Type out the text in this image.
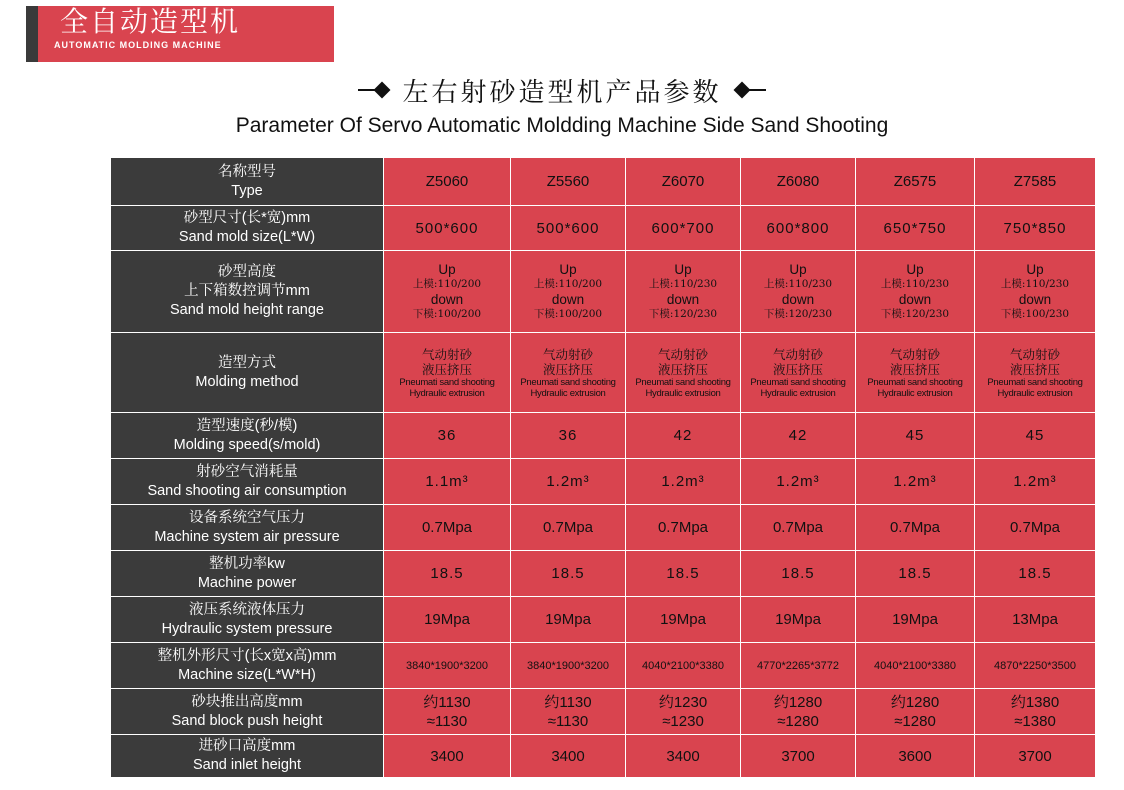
全自动造型机
AUTOMATIC MOLDING MACHINE
左右射砂造型机产品参数
Parameter Of Servo Automatic Moldding Machine Side Sand Shooting
名称型号
Type	Z5060	Z5560	Z6070	Z6080	Z6575	Z7585

砂型尺寸(长*宽)mm
Sand mold size(L*W)	500*600	500*600	600*700	600*800	650*750	750*850

砂型高度
上下箱数控调节mm
Sand mold height range	Up
上模:110/200
down
下模:100/200	Up
上模:110/200
down
下模:100/200	Up
上模:110/230
down
下模:120/230	Up
上模:110/230
down
下模:120/230	Up
上模:110/230
down
下模:120/230	Up
上模:110/230
down
下模:100/230

造型方式
Molding method	气动射砂
液压挤压
Pneumati sand shooting
Hydraulic extrusion	气动射砂
液压挤压
Pneumati sand shooting
Hydraulic extrusion	气动射砂
液压挤压
Pneumati sand shooting
Hydraulic extrusion	气动射砂
液压挤压
Pneumati sand shooting
Hydraulic extrusion	气动射砂
液压挤压
Pneumati sand shooting
Hydraulic extrusion	气动射砂
液压挤压
Pneumati sand shooting
Hydraulic extrusion

造型速度(秒/模)
Molding speed(s/mold)	36	36	42	42	45	45

射砂空气消耗量
Sand shooting air consumption	1.1m³	1.2m³	1.2m³	1.2m³	1.2m³	1.2m³

设备系统空气压力
Machine system air pressure	0.7Mpa	0.7Mpa	0.7Mpa	0.7Mpa	0.7Mpa	0.7Mpa

整机功率kw
Machine power	18.5	18.5	18.5	18.5	18.5	18.5

液压系统液体压力
Hydraulic system pressure	19Mpa	19Mpa	19Mpa	19Mpa	19Mpa	13Mpa

整机外形尺寸(长x宽x高)mm
Machine size(L*W*H)	3840*1900*3200	3840*1900*3200	4040*2100*3380	4770*2265*3772	4040*2100*3380	4870*2250*3500

砂块推出高度mm
Sand block push height	约1130
≈1130	约1130
≈1130	约1230
≈1230	约1280
≈1280	约1280
≈1280	约1380
≈1380

进砂口高度mm
Sand inlet height	3400	3400	3400	3700	3600	3700
